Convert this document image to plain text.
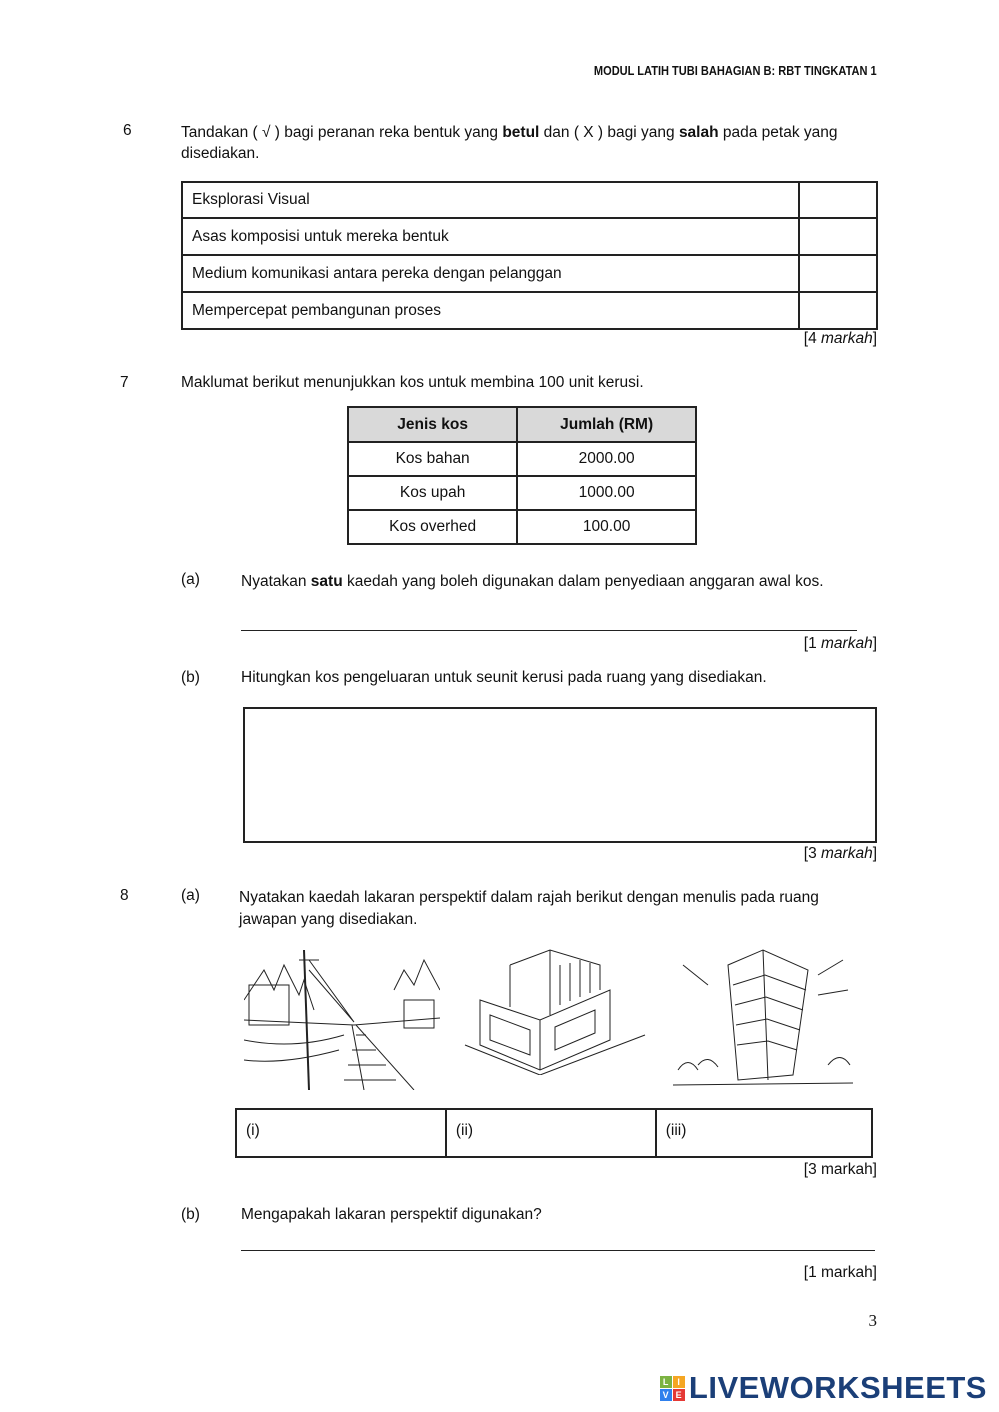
MODUL LATIH TUBI BAHAGIAN B: RBT TINGKATAN 1
6	Tandakan ( √ ) bagi peranan reka bentuk yang betul dan ( X ) bagi yang salah pada petak yang disediakan.
Eksplorasi Visual	
Asas komposisi untuk mereka bentuk	
Medium komunikasi antara pereka dengan pelanggan	
Mempercepat pembangunan proses	
[4 markah]
7	Maklumat berikut menunjukkan kos untuk membina 100 unit kerusi.
Jenis kos	Jumlah (RM)
Kos bahan	2000.00
Kos upah	1000.00
Kos overhed	100.00
(a)	Nyatakan satu kaedah yang boleh digunakan dalam penyediaan anggaran awal kos.
[1 markah]
(b)	Hitungkan kos pengeluaran untuk seunit kerusi pada ruang yang disediakan.
[3 markah]
8	(a)	Nyatakan kaedah lakaran perspektif dalam rajah berikut dengan menulis pada ruang jawapan yang disediakan.
(i)	(ii)	(iii)
[3 markah]
(b)	Mengapakah lakaran perspektif digunakan?
[1 markah]
3
L I
V E LIVEWORKSHEETS
